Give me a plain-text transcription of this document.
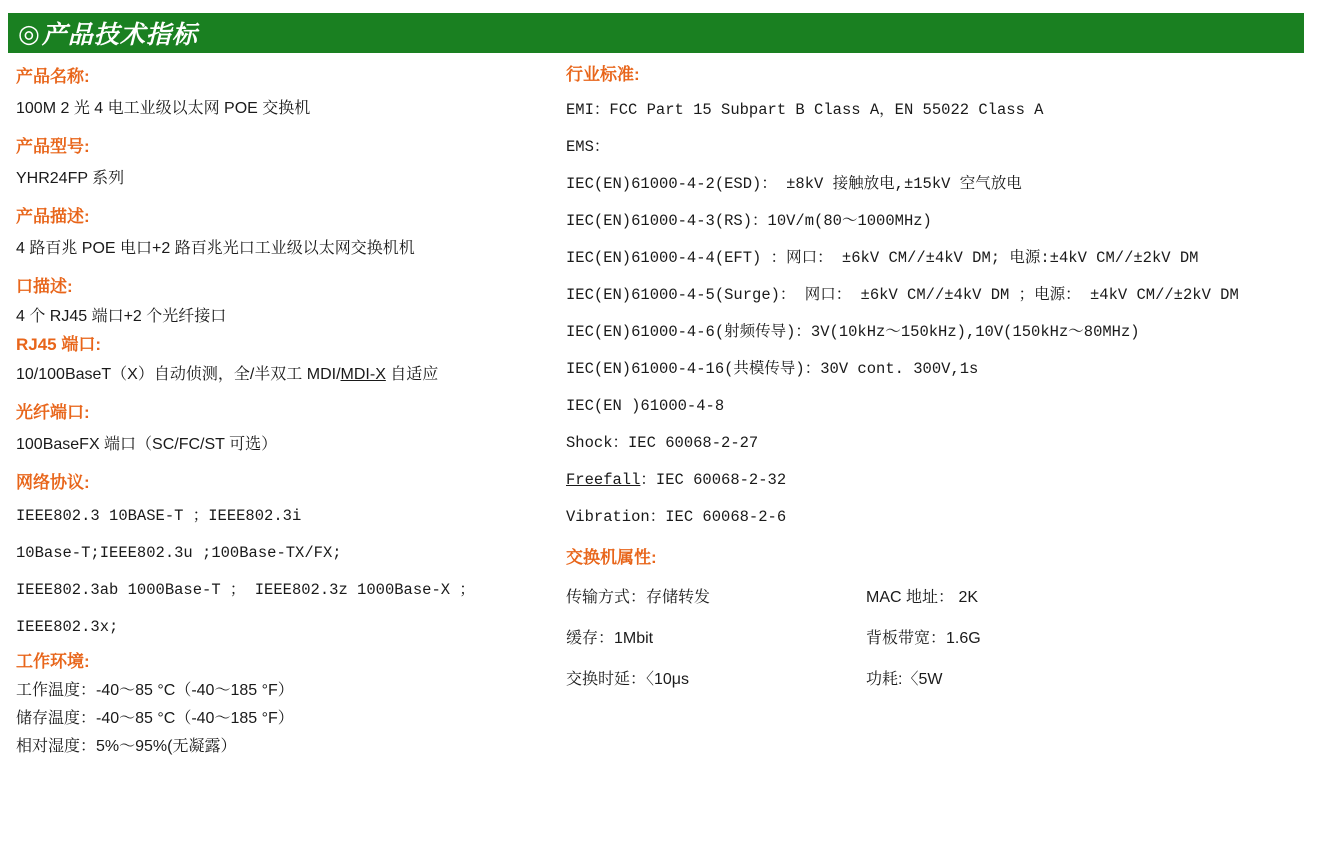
◎ 产品技术指标
产品名称:
100M 2 光 4 电工业级以太网 POE 交换机
产品型号:
YHR24FP 系列
产品描述:
4 路百兆 POE 电口+2 路百兆光口工业级以太网交换机机
口描述:
4 个 RJ45 端口+2 个光纤接口
RJ45 端口:
10/100BaseT（X）自动侦测，全/半双工 MDI/MDI-X 自适应
光纤端口:
100BaseFX 端口（SC/FC/ST 可选）
网络协议:
IEEE802.3 10BASE-T ；IEEE802.3i
10Base-T;IEEE802.3u ;100Base-TX/FX;
IEEE802.3ab 1000Base-T ； IEEE802.3z 1000Base-X ；
IEEE802.3x;
工作环境:
工作温度：-40～85 °C（-40～185 °F）
储存温度：-40～85 °C（-40～185 °F）
相对湿度：5%～95%(无凝露）
行业标准:
EMI：FCC Part 15 Subpart B Class A，EN 55022 Class A
EMS：
IEC(EN)61000-4-2(ESD)： ±8kV 接触放电,±15kV 空气放电
IEC(EN)61000-4-3(RS)：10V/m(80～1000MHz)
IEC(EN)61000-4-4(EFT) ：网口： ±6kV CM//±4kV DM; 电源:±4kV CM//±2kV DM
IEC(EN)61000-4-5(Surge)： 网口： ±6kV CM//±4kV DM ；电源： ±4kV CM//±2kV DM
IEC(EN)61000-4-6(射频传导)：3V(10kHz～150kHz),10V(150kHz～80MHz)
IEC(EN)61000-4-16(共模传导)：30V cont. 300V,1s
IEC(EN )61000-4-8
Shock：IEC 60068-2-27
Freefall：IEC 60068-2-32
Vibration：IEC 60068-2-6
交换机属性:
传输方式：存储转发	MAC 地址： 2K
缓存：1Mbit	背板带宽：1.6G
交换时延：〈10μs	功耗:〈5W
